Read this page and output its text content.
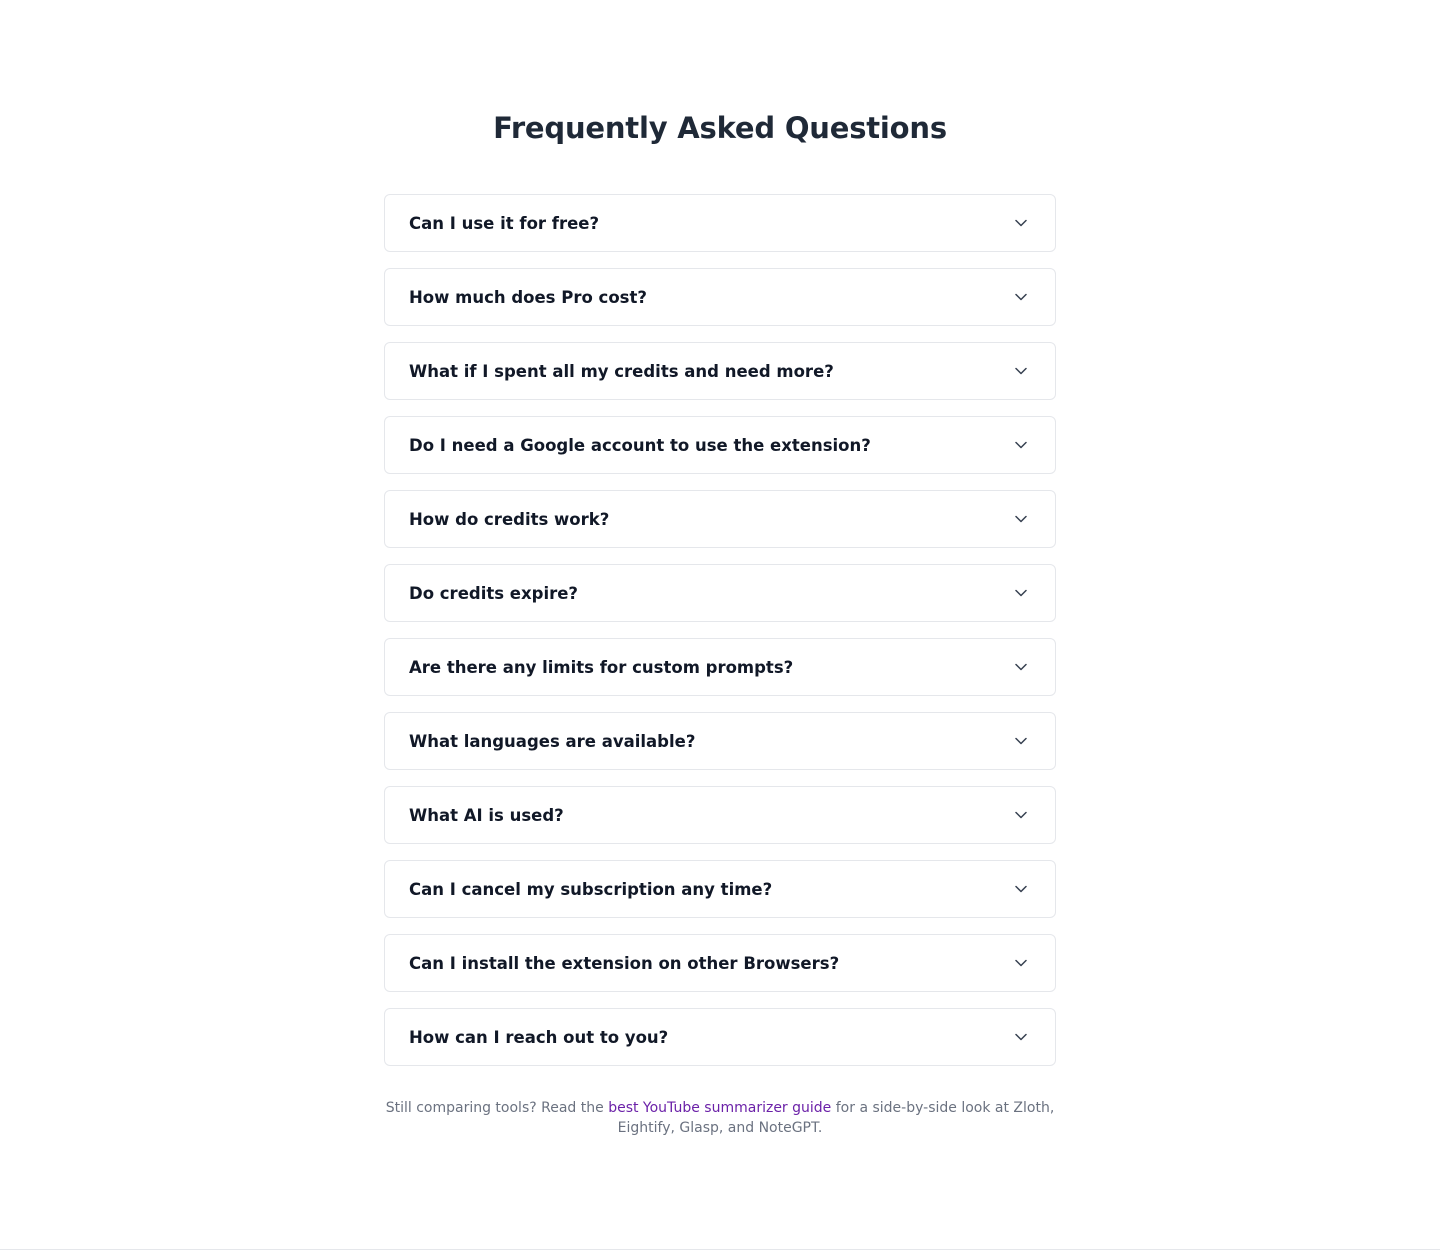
Frequently Asked Questions
Can I use it for free?
How much does Pro cost?
What if I spent all my credits and need more?
Do I need a Google account to use the extension?
How do credits work?
Do credits expire?
Are there any limits for custom prompts?
What languages are available?
What AI is used?
Can I cancel my subscription any time?
Can I install the extension on other Browsers?
How can I reach out to you?

Still comparing tools? Read the best YouTube summarizer guide for a side-by-side look at Zloth, Eightify, Glasp, and NoteGPT.
